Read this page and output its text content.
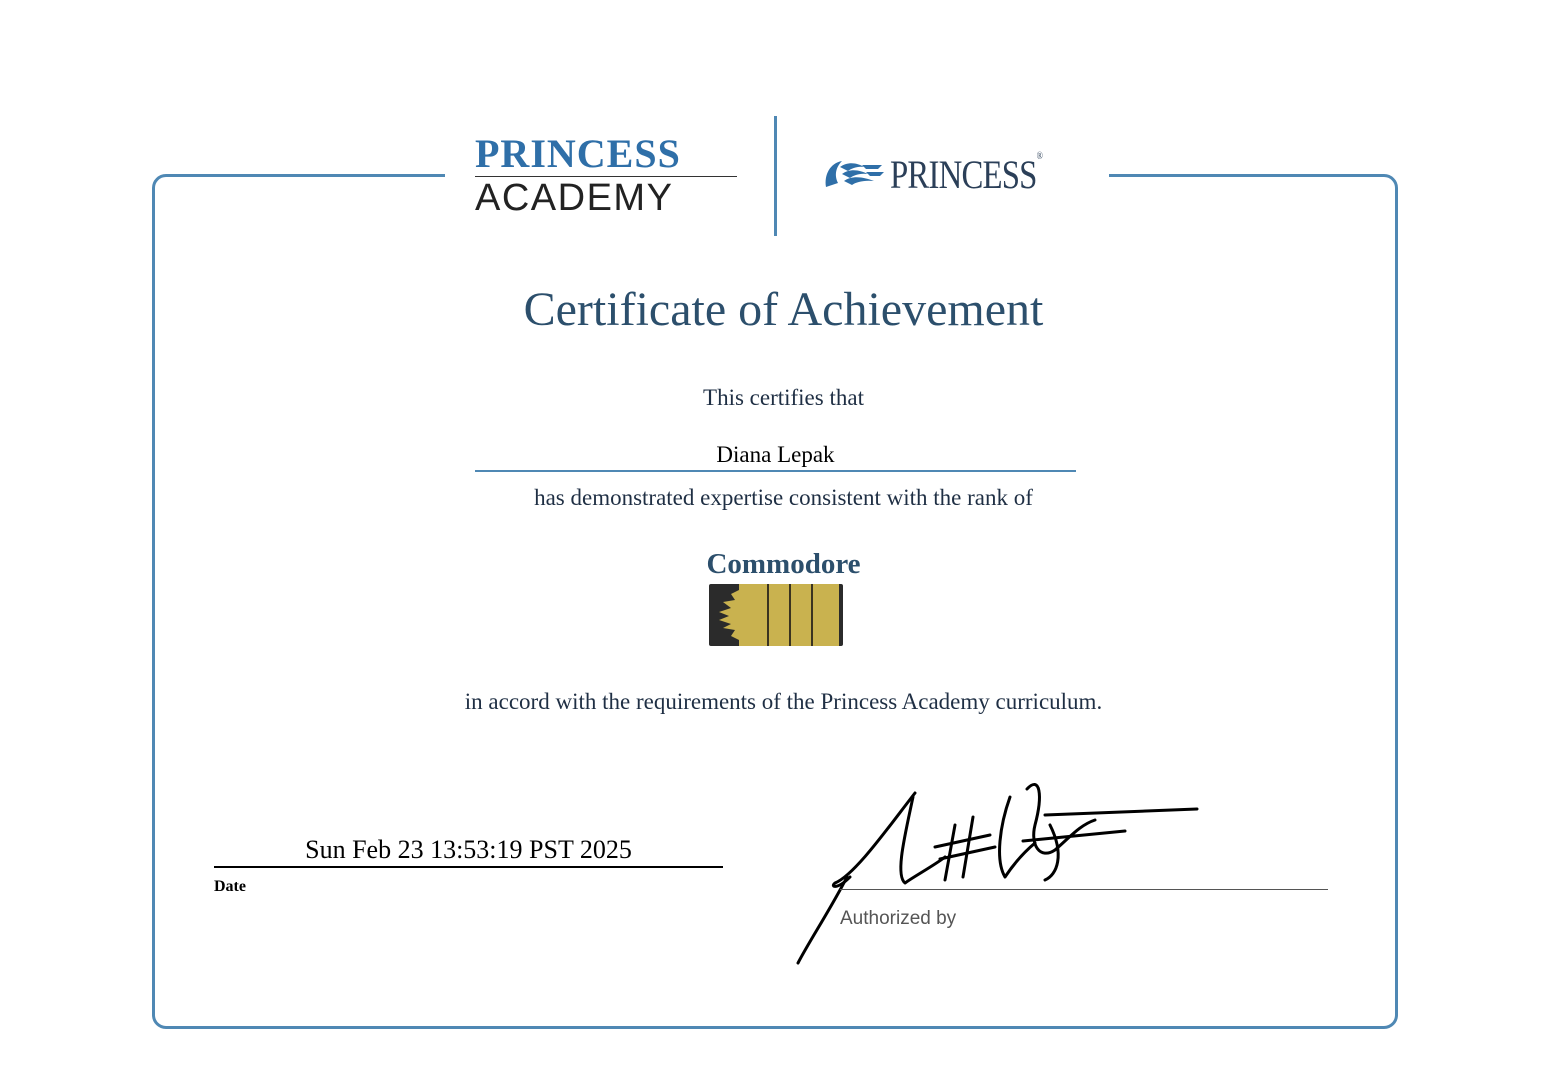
PRINCESS
ACADEMY
PRINCESS®
Certificate of Achievement
This certifies that
Diana Lepak
has demonstrated expertise consistent with the rank of
Commodore
in accord with the requirements of the Princess Academy curriculum.
Sun Feb 23 13:53:19 PST 2025
Date
Authorized by
